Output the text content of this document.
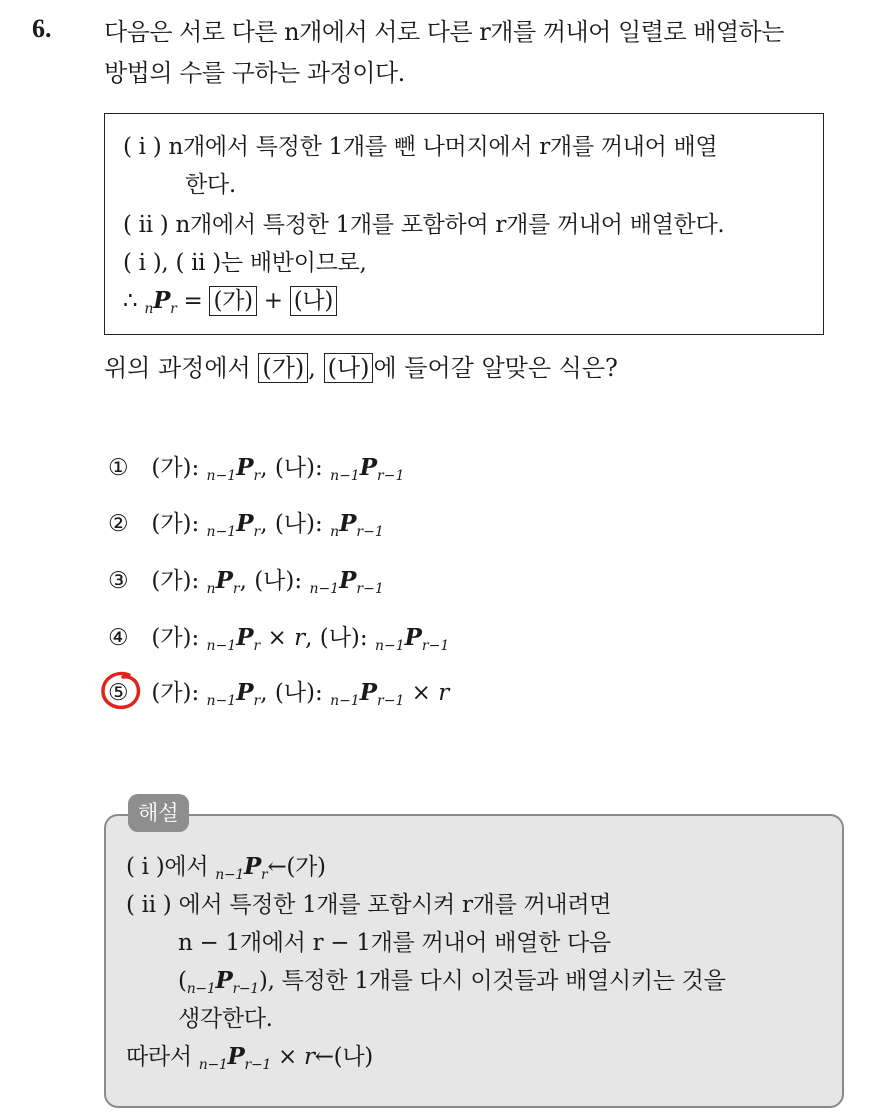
6. 다음은 서로 다른 n개에서 서로 다른 r개를 꺼내어 일렬로 배열하는
방법의 수를 구하는 과정이다.
( i ) n개에서 특정한 1개를 뺀 나머지에서 r개를 꺼내어 배열
한다.
( ii ) n개에서 특정한 1개를 포함하여 r개를 꺼내어 배열한다.
( i ), ( ii )는 배반이므로,
∴ $_nP_r$ = (가) + (나)
위의 과정에서 (가) , (나) 에 들어갈 알맞은 식은?
① (가): $_{n-1}P_r$, (나): $_{n-1}P_{r-1}$
② (가): $_{n-1}P_r$, (나): $_nP_{r-1}$
③ (가): $_nP_r$, (나): $_{n-1}P_{r-1}$
④ (가): $_{n-1}P_r \times r$, (나): $_{n-1}P_{r-1}$
⑤ (가): $_{n-1}P_r$, (나): $_{n-1}P_{r-1} \times r$
해설
( i )에서 $_{n-1}P_r\leftarrow$(가)
( ii ) 에서 특정한 1개를 포함시켜 r개를 꺼내려면
n − 1개에서 r − 1개를 꺼내어 배열한 다음
$(_{n-1}P_{r-1})$, 특정한 1개를 다시 이것들과 배열시키는 것을
생각한다.
따라서 $_{n-1}P_{r-1}$ × r←(나)
